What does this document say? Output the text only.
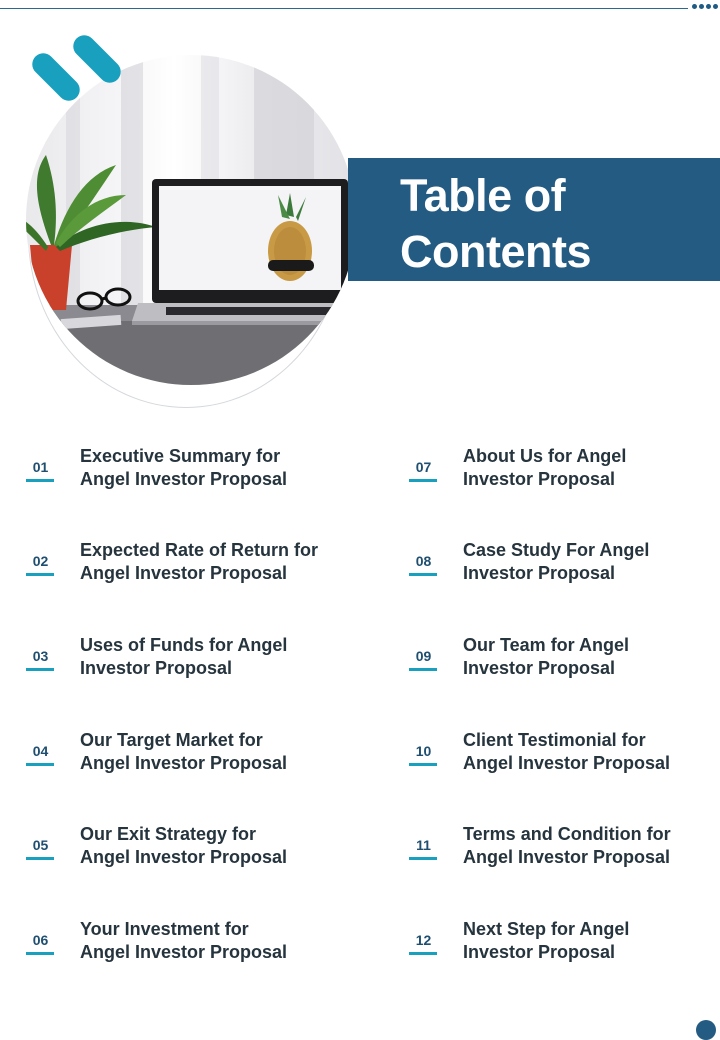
Table of
Contents
01
Executive Summary for
Angel Investor Proposal
02
Expected Rate of Return for
Angel Investor Proposal
03
Uses of Funds for Angel
Investor Proposal
04
Our Target Market for
Angel Investor Proposal
05
Our Exit Strategy for
Angel Investor Proposal
06
Your Investment for
Angel Investor Proposal
07
About Us for Angel
Investor Proposal
08
Case Study For Angel
Investor Proposal
09
Our Team for Angel
Investor Proposal
10
Client Testimonial for
Angel Investor Proposal
11
Terms and Condition for
Angel Investor Proposal
12
Next Step for Angel
Investor Proposal
